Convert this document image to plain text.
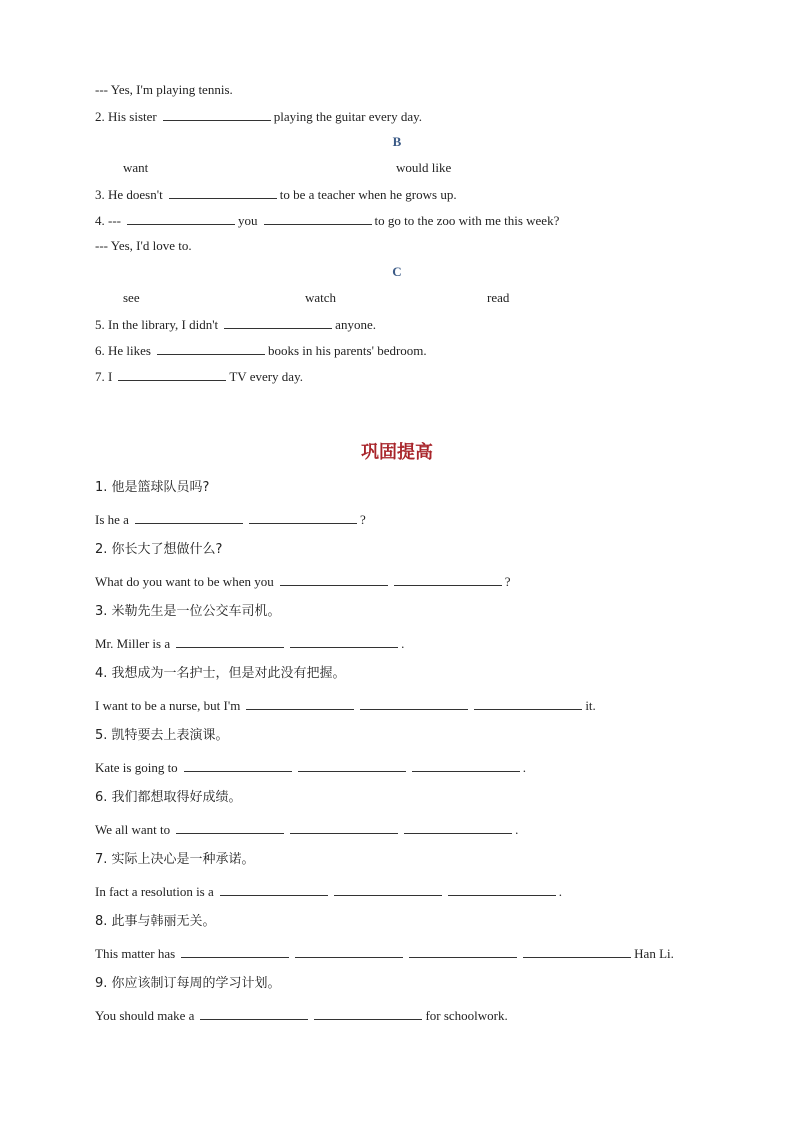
--- Yes, I'm playing tennis.
2. His sister	playing the guitar every day.
B
want	would like
3. He doesn't	to be a teacher when he grows up.
4. ---	you	to go to the zoo with me this week?
--- Yes, I'd love to.
C
see	watch	read
5. In the library, I didn't	anyone.
6. He likes	books in his parents' bedroom.
7. I	TV every day.
巩固提高
1. 他是篮球队员吗?
Is he a	?
2. 你长大了想做什么?
What do you want to be when you	?
3. 米勒先生是一位公交车司机。
Mr. Miller is a	.
4. 我想成为一名护士，但是对此没有把握。
I want to be a nurse, but I'm	it.
5. 凯特要去上表演课。
Kate is going to	.
6. 我们都想取得好成绩。
We all want to	.
7. 实际上决心是一种承诺。
In fact a resolution is a	.
8. 此事与韩丽无关。
This matter has	Han Li.
9. 你应该制订每周的学习计划。
You should make a	for schoolwork.
